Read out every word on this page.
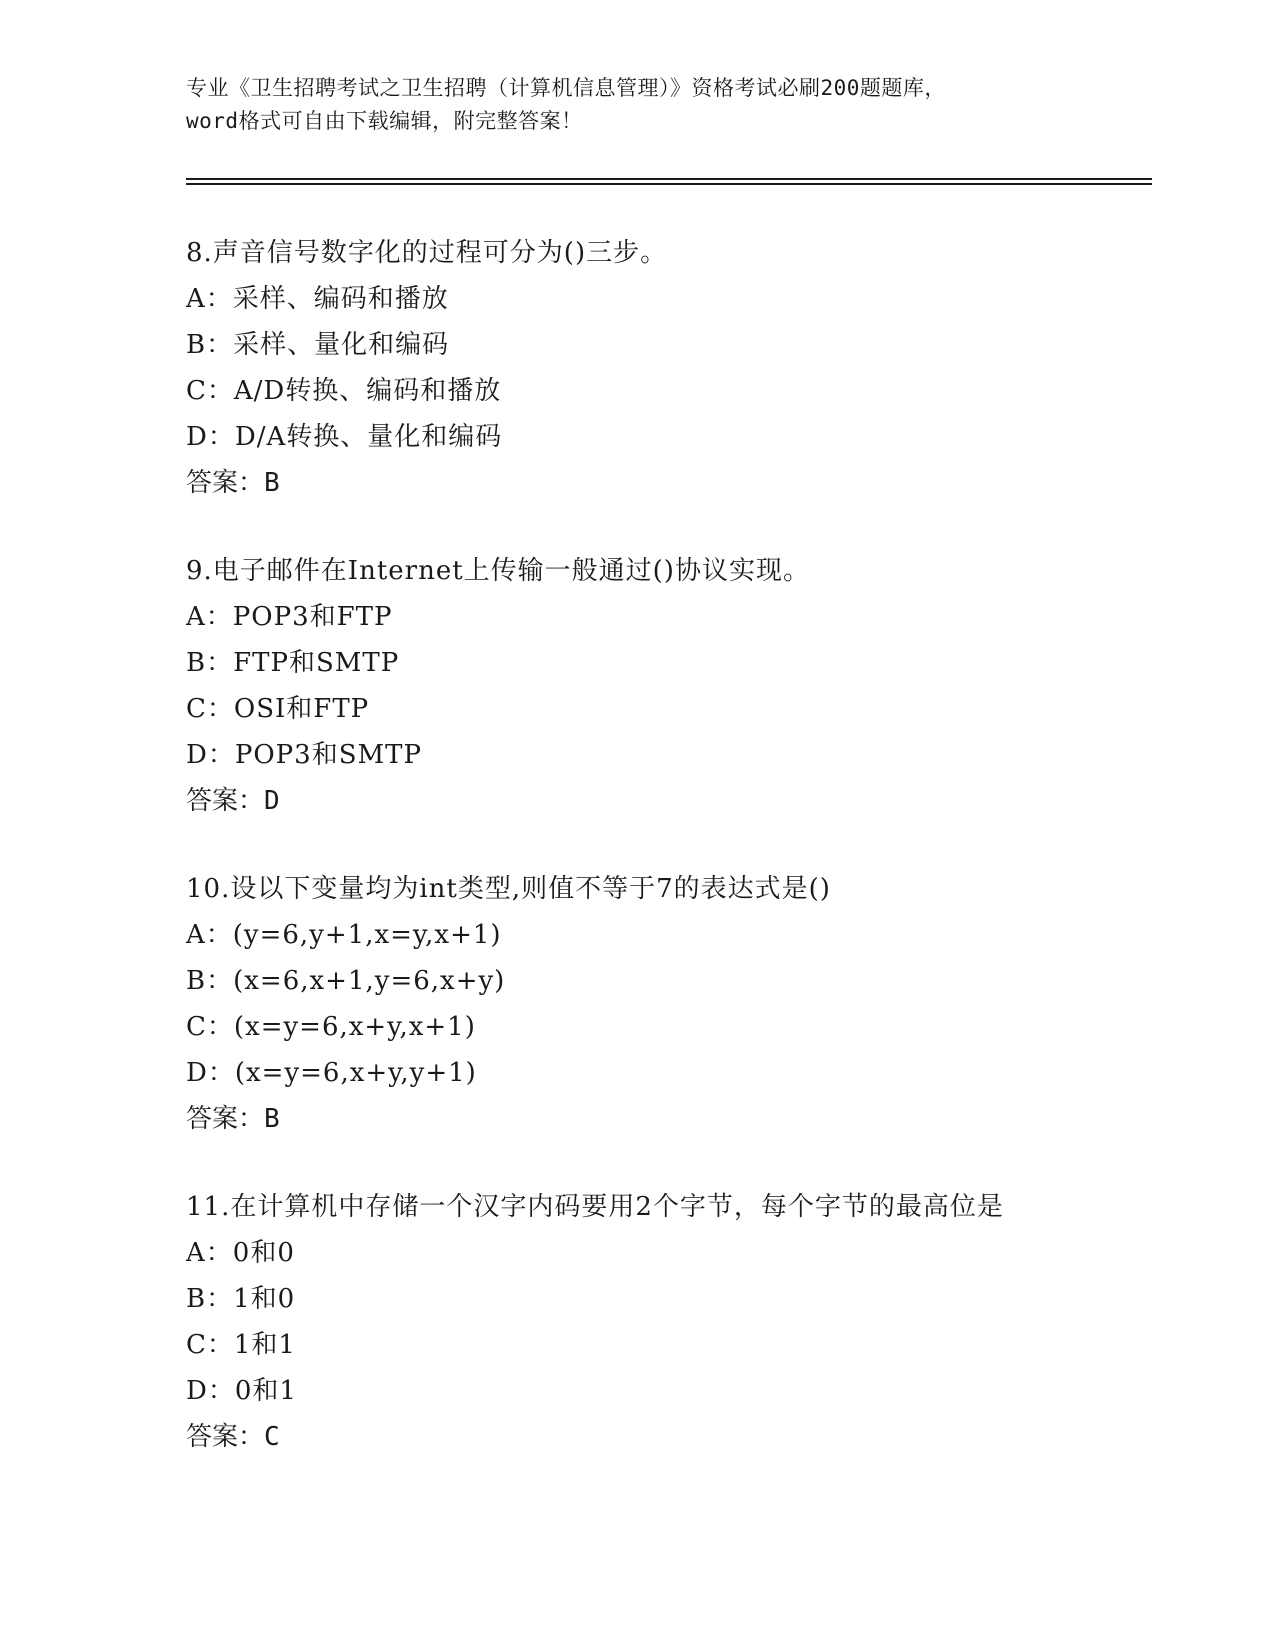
专业《卫生招聘考试之卫生招聘（计算机信息管理）》资格考试必刷200题题库，
word格式可自由下载编辑，附完整答案！
8.声音信号数字化的过程可分为()三步。
A：采样、编码和播放
B：采样、量化和编码
C：A/D转换、编码和播放
D：D/A转换、量化和编码
答案：B
9.电子邮件在Internet上传输一般通过()协议实现。
A：POP3和FTP
B：FTP和SMTP
C：OSI和FTP
D：POP3和SMTP
答案：D
10.设以下变量均为int类型,则值不等于7的表达式是()
A：(y=6,y+1,x=y,x+1)
B：(x=6,x+1,y=6,x+y)
C：(x=y=6,x+y,x+1)
D：(x=y=6,x+y,y+1)
答案：B
11.在计算机中存储一个汉字内码要用2个字节，每个字节的最高位是
A：0和0
B：1和0
C：1和1
D：0和1
答案：C
